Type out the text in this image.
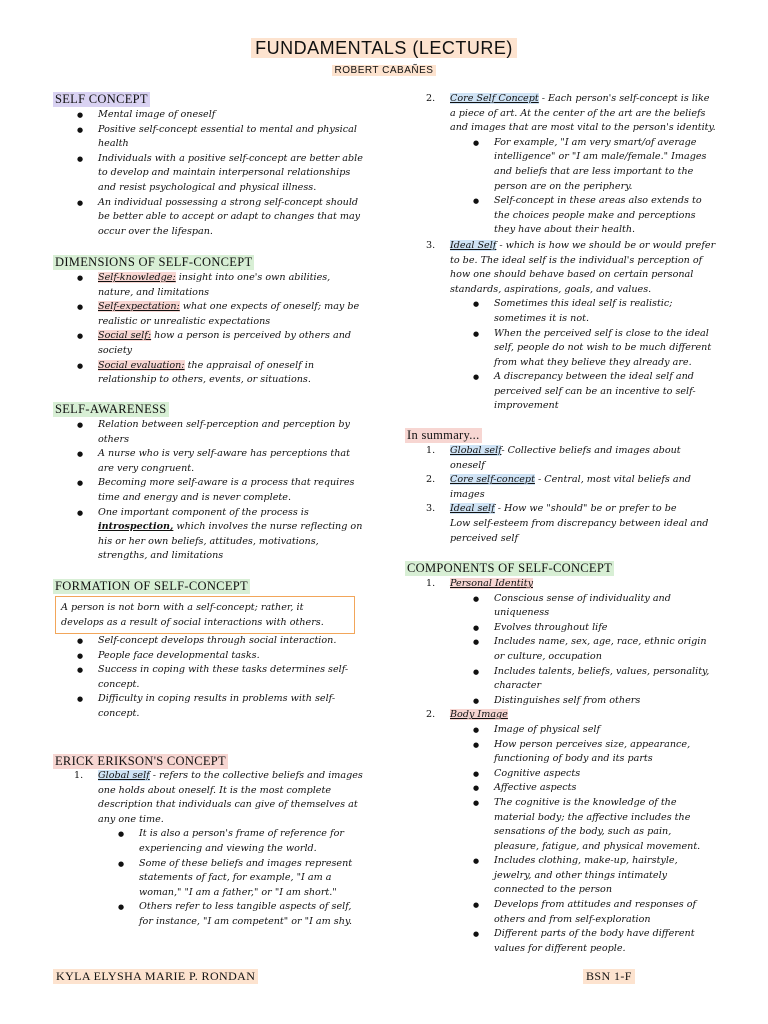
FUNDAMENTALS (LECTURE)
ROBERT CABAÑES
SELF CONCEPT
● Mental image of oneself
● Positive self-concept essential to mental and physical health
● Individuals with a positive self-concept are better able to develop and maintain interpersonal relationships and resist psychological and physical illness.
● An individual possessing a strong self-concept should be better able to accept or adapt to changes that may occur over the lifespan.
DIMENSIONS OF SELF-CONCEPT
● Self-knowledge: insight into one's own abilities, nature, and limitations
● Self-expectation: what one expects of oneself; may be realistic or unrealistic expectations
● Social self: how a person is perceived by others and society
● Social evaluation: the appraisal of oneself in relationship to others, events, or situations.
SELF-AWARENESS
● Relation between self-perception and perception by others
● A nurse who is very self-aware has perceptions that are very congruent.
● Becoming more self-aware is a process that requires time and energy and is never complete.
● One important component of the process is introspection, which involves the nurse reflecting on his or her own beliefs, attitudes, motivations, strengths, and limitations
FORMATION OF SELF-CONCEPT
A person is not born with a self-concept; rather, it develops as a result of social interactions with others.
● Self-concept develops through social interaction.
● People face developmental tasks.
● Success in coping with these tasks determines self-concept.
● Difficulty in coping results in problems with self-concept.
ERICK ERIKSON'S CONCEPT
1. Global self - refers to the collective beliefs and images one holds about oneself. It is the most complete description that individuals can give of themselves at any one time.
● It is also a person's frame of reference for experiencing and viewing the world.
● Some of these beliefs and images represent statements of fact, for example, "I am a woman," "I am a father," or "I am short."
● Others refer to less tangible aspects of self, for instance, "I am competent" or "I am shy.
2. Core Self Concept - Each person's self-concept is like a piece of art. At the center of the art are the beliefs and images that are most vital to the person's identity.
● For example, "I am very smart/of average intelligence" or "I am male/female." Images and beliefs that are less important to the person are on the periphery.
● Self-concept in these areas also extends to the choices people make and perceptions they have about their health.
3. Ideal Self - which is how we should be or would prefer to be. The ideal self is the individual's perception of how one should behave based on certain personal standards, aspirations, goals, and values.
● Sometimes this ideal self is realistic; sometimes it is not.
● When the perceived self is close to the ideal self, people do not wish to be much different from what they believe they already are.
● A discrepancy between the ideal self and perceived self can be an incentive to self-improvement
In summary...
1. Global self- Collective beliefs and images about oneself
2. Core self-concept - Central, most vital beliefs and images
3. Ideal self - How we "should" be or prefer to be
Low self-esteem from discrepancy between ideal and perceived self
COMPONENTS OF SELF-CONCEPT
1. Personal Identity
● Conscious sense of individuality and uniqueness
● Evolves throughout life
● Includes name, sex, age, race, ethnic origin or culture, occupation
● Includes talents, beliefs, values, personality, character
● Distinguishes self from others
2. Body Image
● Image of physical self
● How person perceives size, appearance, functioning of body and its parts
● Cognitive aspects
● Affective aspects
● The cognitive is the knowledge of the material body; the affective includes the sensations of the body, such as pain, pleasure, fatigue, and physical movement.
● Includes clothing, make-up, hairstyle, jewelry, and other things intimately connected to the person
● Develops from attitudes and responses of others and from self-exploration
● Different parts of the body have different values for different people.
KYLA ELYSHA MARIE P. RONDAN	BSN 1-F
